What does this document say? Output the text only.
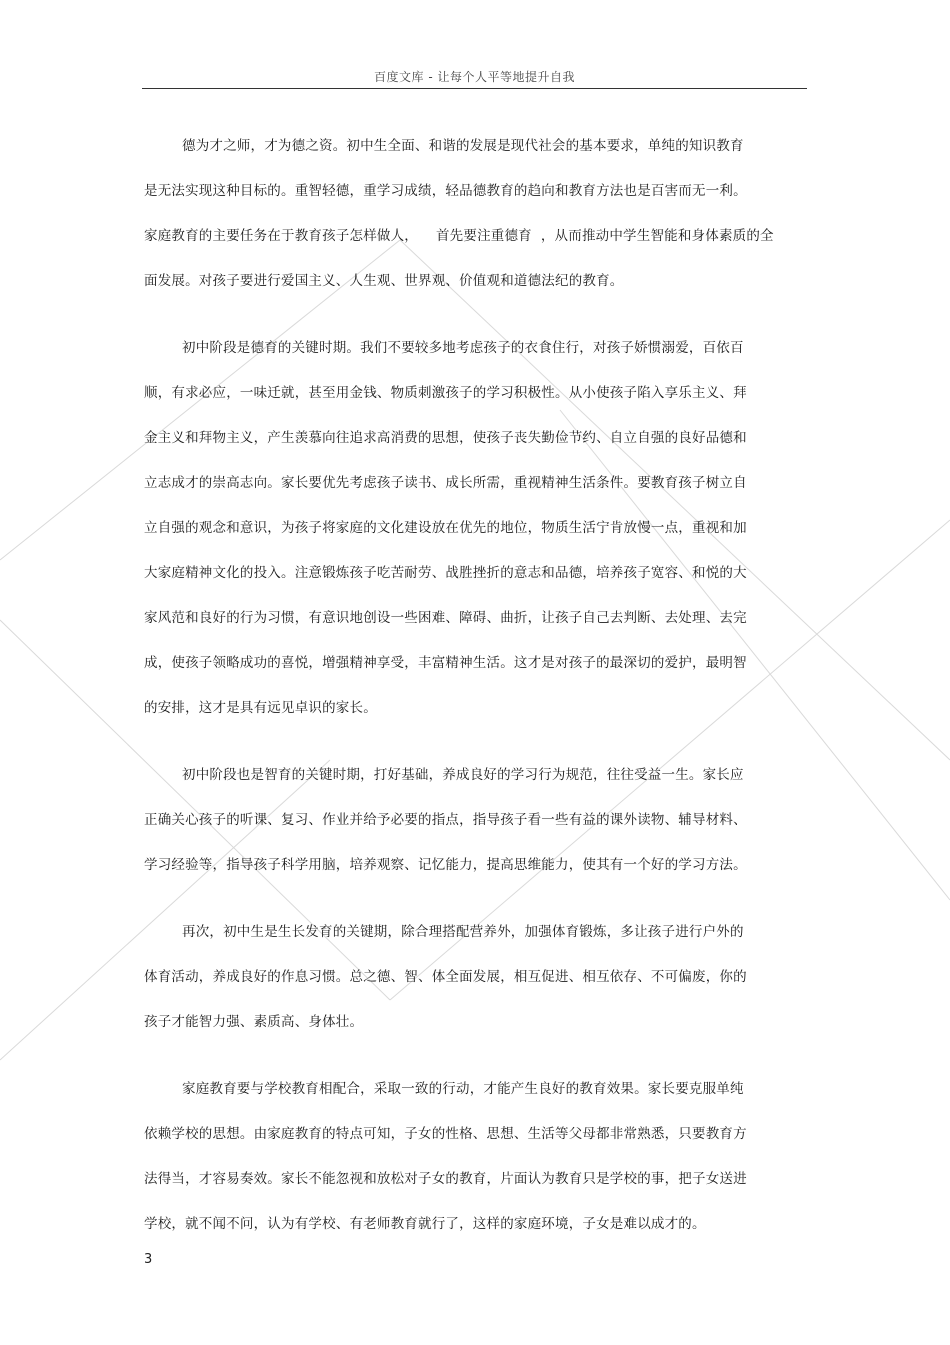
百度文库 - 让每个人平等地提升自我
德为才之师，才为德之资。初中生全面、和谐的发展是现代社会的基本要求，单纯的知识教育
是无法实现这种目标的。重智轻德，重学习成绩，轻品德教育的趋向和教育方法也是百害而无一利。
家庭教育的主要任务在于教育孩子怎样做人，    首先要注重德育  ，从而推动中学生智能和身体素质的全
面发展。对孩子要进行爱国主义、人生观、世界观、价值观和道德法纪的教育。
初中阶段是德育的关键时期。我们不要较多地考虑孩子的衣食住行，对孩子娇惯溺爱，百依百
顺，有求必应，一味迁就，甚至用金钱、物质刺激孩子的学习积极性。从小使孩子陷入享乐主义、拜
金主义和拜物主义，产生羡慕向往追求高消费的思想，使孩子丧失勤俭节约、自立自强的良好品德和
立志成才的崇高志向。家长要优先考虑孩子读书、成长所需，重视精神生活条件。要教育孩子树立自
立自强的观念和意识，为孩子将家庭的文化建设放在优先的地位，物质生活宁肯放慢一点，重视和加
大家庭精神文化的投入。注意锻炼孩子吃苦耐劳、战胜挫折的意志和品德，培养孩子宽容、和悦的大
家风范和良好的行为习惯，有意识地创设一些困难、障碍、曲折，让孩子自己去判断、去处理、去完
成，使孩子领略成功的喜悦，增强精神享受，丰富精神生活。这才是对孩子的最深切的爱护，最明智
的安排，这才是具有远见卓识的家长。
初中阶段也是智育的关键时期，打好基础，养成良好的学习行为规范，往往受益一生。家长应
正确关心孩子的听课、复习、作业并给予必要的指点，指导孩子看一些有益的课外读物、辅导材料、
学习经验等，指导孩子科学用脑，培养观察、记忆能力，提高思维能力，使其有一个好的学习方法。
再次，初中生是生长发育的关键期，除合理搭配营养外，加强体育锻炼，多让孩子进行户外的
体育活动，养成良好的作息习惯。总之德、智、体全面发展，相互促进、相互依存、不可偏废，你的
孩子才能智力强、素质高、身体壮。
家庭教育要与学校教育相配合，采取一致的行动，才能产生良好的教育效果。家长要克服单纯
依赖学校的思想。由家庭教育的特点可知，子女的性格、思想、生活等父母都非常熟悉，只要教育方
法得当，才容易奏效。家长不能忽视和放松对子女的教育，片面认为教育只是学校的事，把子女送进
学校，就不闻不问，认为有学校、有老师教育就行了，这样的家庭环境，子女是难以成才的。
3
